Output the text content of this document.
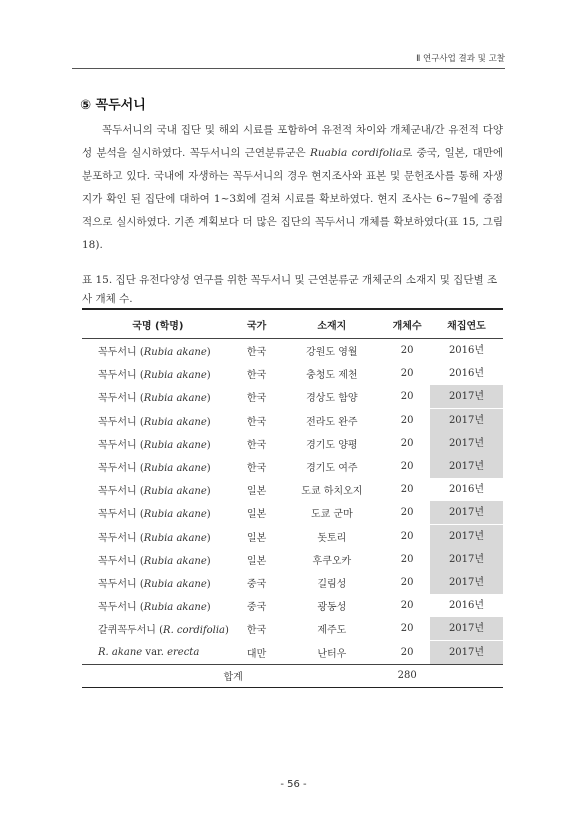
Ⅱ 연구사업 결과 및 고찰
⑤ 꼭두서니
꼭두서니의 국내 집단 및 해외 시료를 포함하여 유전적 차이와 개체군내/간 유전적 다양성 분석을 실시하였다. 꼭두서니의 근연분류군은 Ruabia cordifolia로 중국, 일본, 대만에 분포하고 있다. 국내에 자생하는 꼭두서니의 경우 현지조사와 표본 및 문헌조사를 통해 자생지가 확인 된 집단에 대하여 1~3회에 걸쳐 시료를 확보하였다. 현지 조사는 6~7월에 중점적으로 실시하였다. 기존 계획보다 더 많은 집단의 꼭두서니 개체를 확보하였다(표 15, 그림 18).
표 15. 집단 유전다양성 연구를 위한 꼭두서니 및 근연분류군 개체군의 소재지 및 집단별 조사 개체 수.
국명 (학명)	국가	소재지	개체수	채집연도
꼭두서니 (Rubia akane)	한국	강원도 영월	20	2016년
꼭두서니 (Rubia akane)	한국	충청도 제천	20	2016년
꼭두서니 (Rubia akane)	한국	경상도 함양	20	2017년
꼭두서니 (Rubia akane)	한국	전라도 완주	20	2017년
꼭두서니 (Rubia akane)	한국	경기도 양평	20	2017년
꼭두서니 (Rubia akane)	한국	경기도 여주	20	2017년
꼭두서니 (Rubia akane)	일본	도쿄 하치오지	20	2016년
꼭두서니 (Rubia akane)	일본	도쿄 군마	20	2017년
꼭두서니 (Rubia akane)	일본	돗토리	20	2017년
꼭두서니 (Rubia akane)	일본	후쿠오카	20	2017년
꼭두서니 (Rubia akane)	중국	길림성	20	2017년
꼭두서니 (Rubia akane)	중국	광동성	20	2016년
갈퀴꼭두서니 (R. cordifolia)	한국	제주도	20	2017년
R. akane var. erecta	대만	난터우	20	2017년
합계			280	
- 56 -
